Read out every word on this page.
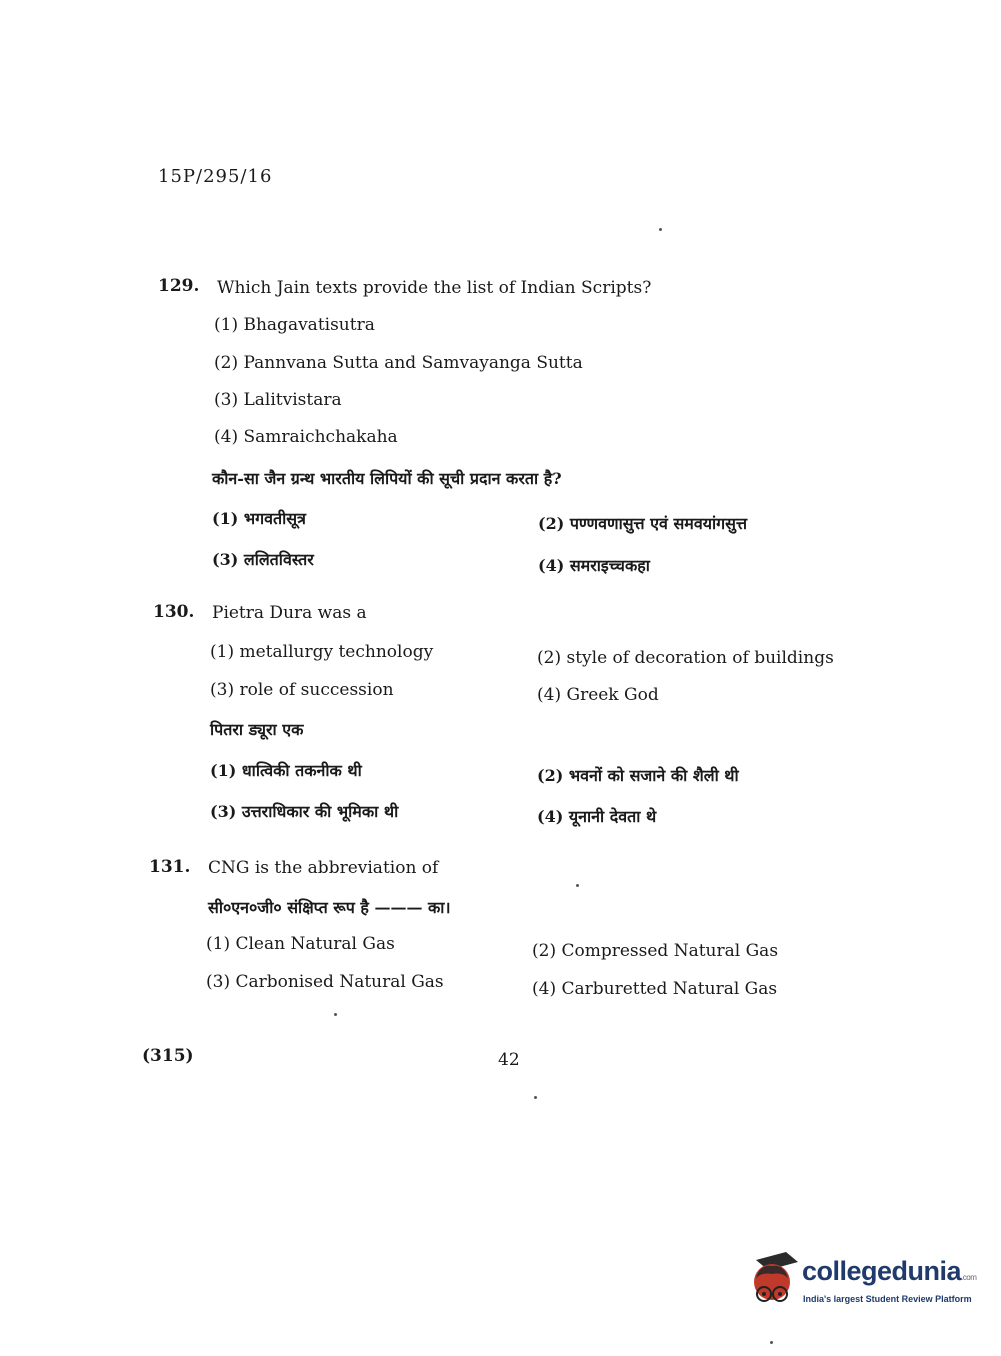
15P/295/16
129. Which Jain texts provide the list of Indian Scripts?
(1) Bhagavatisutra
(2) Pannvana Sutta and Samvayanga Sutta
(3) Lalitvistara
(4) Samraichchakaha
कौन-सा जैन ग्रन्थ भारतीय लिपियों की सूची प्रदान करता है?
(1) भगवतीसूत्र	(2) पण्णवणासुत्त एवं समवयांगसुत्त
(3) ललितविस्तर	(4) समराइच्चकहा
130. Pietra Dura was a
(1) metallurgy technology	(2) style of decoration of buildings
(3) role of succession	(4) Greek God
पितरा ड्यूरा एक
(1) धात्विकी तकनीक थी	(2) भवनों को सजाने की शैली थी
(3) उत्तराधिकार की भूमिका थी	(4) यूनानी देवता थे
131. CNG is the abbreviation of
सी०एन०जी० संक्षिप्त रूप है ——— का।
(1) Clean Natural Gas	(2) Compressed Natural Gas
(3) Carbonised Natural Gas	(4) Carburetted Natural Gas
(315)	42
collegedunia.com
India's largest Student Review Platform
